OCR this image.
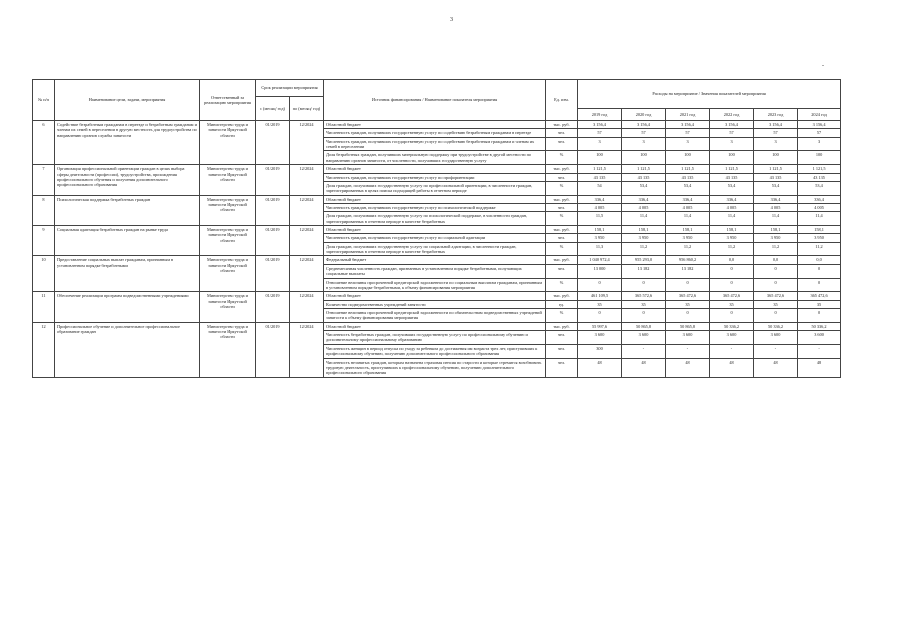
3
-
№ п/п	Наименование цели, задачи, мероприятия	Ответственный за реализацию мероприятия	Срок реализации мероприятия		Источник финансирования / Наименование показателя мероприятия	Ед. изм.	Расходы на мероприятие / Значения показателей мероприятия					
			с (месяц/ год)	по (месяц/ год)								
							2019 год	2020 год	2021 год	2022 год	2023 год	2024 год
6	Содействие безработным гражданам в переезде и безработным гражданам и членам их семей в переселении в другую местность для трудоустройства по направлению органов службы занятости	Министерство труда и занятости Иркутской области	01/2019	12/2024	Областной бюджет	тыс. руб.	3 156,4	3 156,4	3 156,4	3 156,4	3 156,4	3 156,4
					Численность граждан, получивших государственную услугу по содействию безработным гражданам в переезде	чел.	57	57	57	57	57	57
					Численность граждан, получивших государственную услугу по содействию безработным гражданам и членам их семей в переселении	чел.	3	3	3	3	3	3
					Доля безработных граждан, получивших материальную поддержку при трудоустройстве в другой местности по направлению органов занятости, от численности, получивших государственную услугу	%	100	100	100	100	100	100
7	Организация профессиональной ориентации граждан в целях выбора сферы деятельности (профессии), трудоустройства, прохождения профессионального обучения и получения дополнительного профессионального образования	Министерство труда и занятости Иркутской области	01/2019	12/2024	Областной бюджет	тыс. руб.	1 121,5	1 121,5	1 121,5	1 121,5	1 121,5	1 121,5
					Численность граждан, получивших государственную услугу по профориентации	чел.	43 135	43 135	43 135	43 135	43 135	43 135
					Доля граждан, получивших государственную услугу по профессиональной ориентации, в численности граждан, зарегистрированных в целях поиска подходящей работы в отчетном периоде	%	54	53,4	53,4	53,4	53,4	53,4
8	Психологическая поддержка безработных граждан	Министерство труда и занятости Иркутской области	01/2019	12/2024	Областной бюджет	тыс. руб.	336,4	336,4	336,4	336,4	336,4	336,4
					Численность граждан, получивших государственную услугу по психологической поддержке	чел.	4 005	4 005	4 005	4 005	4 005	4 005
					Доля граждан, получивших государственную услугу по психологической поддержке, в численности граждан, зарегистрированных в отчетном периоде в качестве безработных	%	11,5	11,4	11,4	11,4	11,4	11,4
9	Социальная адаптация безработных граждан на рынке труда	Министерство труда и занятости Иркутской области	01/2019	12/2024	Областной бюджет	тыс. руб.	158,1	158,1	158,1	158,1	158,1	158,1
					Численность граждан, получивших государственную услугу по социальной адаптации	чел.	3 950	3 950	3 950	3 950	3 950	3 950
					Доля граждан, получивших государственную услугу по социальной адаптации, в численности граждан, зарегистрированных в отчетном периоде в качестве безработных	%	11,3	11,2	11,2	11,2	11,2	11,2
10	Предоставление социальных выплат гражданам, признанным в установленном порядке безработными	Министерство труда и занятости Иркутской области	01/2019	12/2024	Федеральный бюджет	тыс. руб.	1 040 972,4	955 293,0	956 860,2	0,0	0,0	0,0
					Среднемесячная численность граждан, признанных в установленном порядке безработными, получающих социальные выплаты	чел.	13 000	13 182	13 182	0	0	0
					Отношение величины просроченной кредиторской задолженности по социальным выплатам гражданам, признанным в установленном порядке безработными, к объему финансирования мероприятия	%	0	0	0	0	0	0
11	Обеспечение реализации программ подведомственными учреждениями	Министерство труда и занятости Иркутской области	01/2019	12/2024	Областной бюджет	тыс. руб.	461 109,5	365 572,6	365 472,6	365 472,6	365 472,6	365 472,6
					Количество подведомственных учреждений занятости	ед.	35	35	35	35	35	35
					Отношение величины просроченной кредиторской задолженности по обязательствам подведомственных учреждений занятости к объему финансирования мероприятия	%	0	0	0	0	0	0
12	Профессиональное обучение и дополнительное профессиональное образование граждан	Министерство труда и занятости Иркутской области	01/2019	12/2024	Областной бюджет	тыс. руб.	55 997,6	50 865,8	50 865,8	50 336,2	50 336,2	50 336,2
					Численность безработных граждан, получивших государственную услугу по профессиональному обучению и дополнительному профессиональному образованию	чел.	3 600	3 600	3 600	3 600	3 600	3 600
					Численность женщин в период отпуска по уходу за ребенком до достижения им возраста трех лет, приступивших к профессиональному обучению, получению дополнительного профессионального образования	чел.	300	-	-	-	-	-
					Численность незанятых граждан, которым назначена страховая пенсия по старости и которые стремятся возобновить трудовую деятельность, приступивших к профессиональному обучению, получению дополнительного профессионального образования	чел.	48	48	48	48	48	48
